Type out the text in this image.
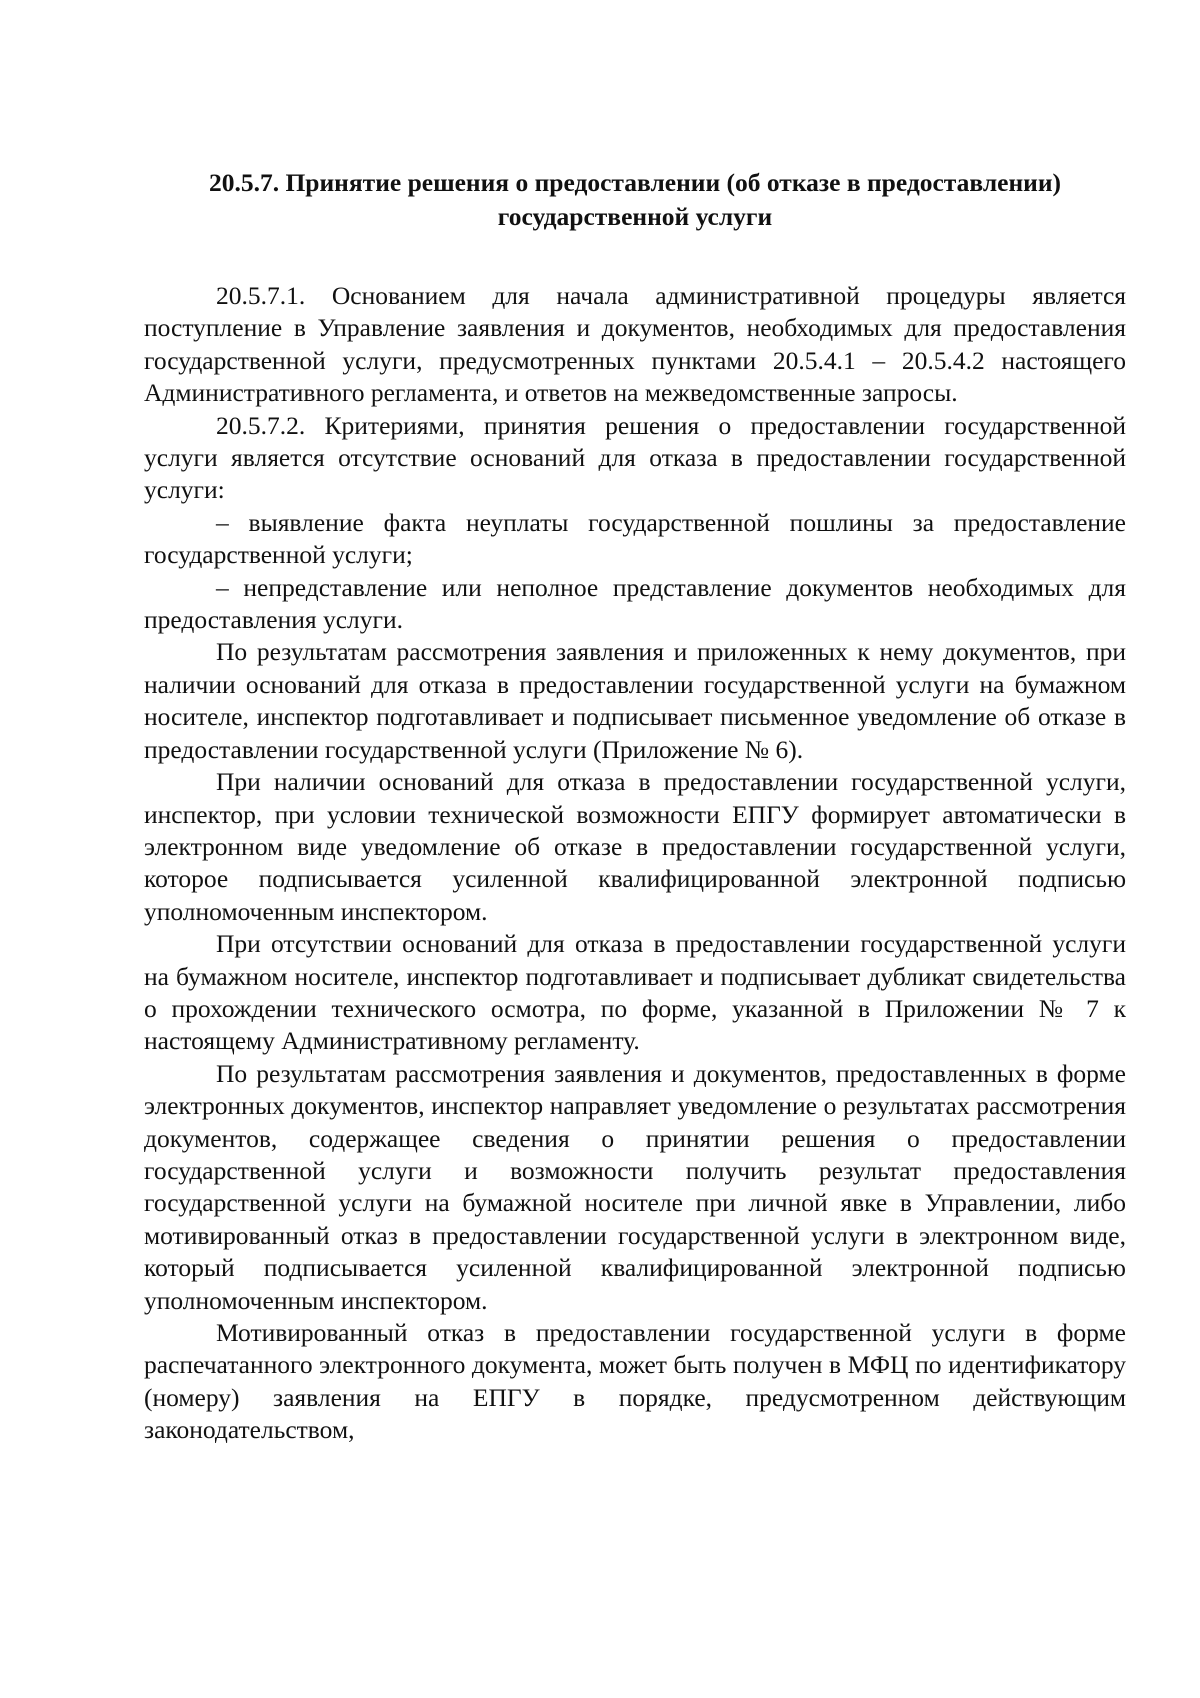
20.5.7. Принятие решения о предоставлении (об отказе в предоставлении) государственной услуги

20.5.7.1. Основанием для начала административной процедуры является поступление в Управление заявления и документов, необходимых для предоставления государственной услуги, предусмотренных пунктами 20.5.4.1 – 20.5.4.2 настоящего Административного регламента, и ответов на межведомственные запросы.

20.5.7.2. Критериями, принятия решения о предоставлении государственной услуги является отсутствие оснований для отказа в предоставлении государственной услуги:

– выявление факта неуплаты государственной пошлины за предоставление государственной услуги;

– непредставление или неполное представление документов необходимых для предоставления услуги.

По результатам рассмотрения заявления и приложенных к нему документов, при наличии оснований для отказа в предоставлении государственной услуги на бумажном носителе, инспектор подготавливает и подписывает письменное уведомление об отказе в предоставлении государственной услуги (Приложение № 6).

При наличии оснований для отказа в предоставлении государственной услуги, инспектор, при условии технической возможности ЕПГУ формирует автоматически в электронном виде уведомление об отказе в предоставлении государственной услуги, которое подписывается усиленной квалифицированной электронной подписью уполномоченным инспектором.

При отсутствии оснований для отказа в предоставлении государственной услуги на бумажном носителе, инспектор подготавливает и подписывает дубликат свидетельства о прохождении технического осмотра, по форме, указанной в Приложении № 7 к настоящему Административному регламенту.

По результатам рассмотрения заявления и документов, предоставленных в форме электронных документов, инспектор направляет уведомление о результатах рассмотрения документов, содержащее сведения о принятии решения о предоставлении государственной услуги и возможности получить результат предоставления государственной услуги на бумажной носителе при личной явке в Управлении, либо мотивированный отказ в предоставлении государственной услуги в электронном виде, который подписывается усиленной квалифицированной электронной подписью уполномоченным инспектором.

Мотивированный отказ в предоставлении государственной услуги в форме распечатанного электронного документа, может быть получен в МФЦ по идентификатору (номеру) заявления на ЕПГУ в порядке, предусмотренном действующим законодательством,
